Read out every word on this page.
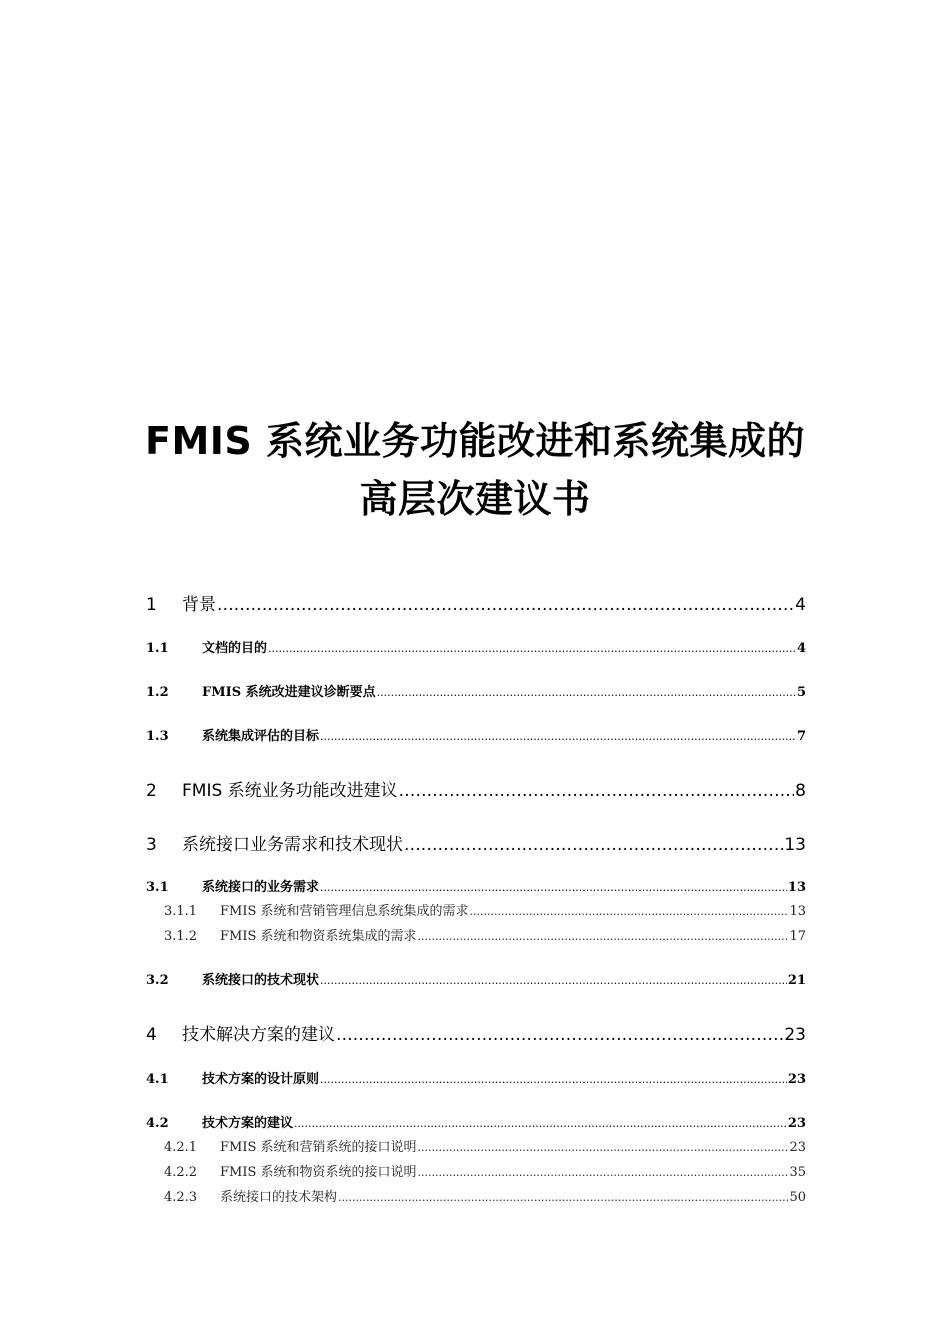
FMIS 系统业务功能改进和系统集成的
高层次建议书
1	背景 .....	4
1.1	文档的目的 .....	4
1.2	FMIS 系统改进建议诊断要点 .....	5
1.3	系统集成评估的目标 .....	7
2	FMIS 系统业务功能改进建议 .....	8
3	系统接口业务需求和技术现状 .....	13
3.1	系统接口的业务需求 .....	13
3.1.1	FMIS 系统和营销管理信息系统集成的需求 .....	13
3.1.2	FMIS 系统和物资系统集成的需求 .....	17
3.2	系统接口的技术现状 .....	21
4	技术解决方案的建议 .....	23
4.1	技术方案的设计原则 .....	23
4.2	技术方案的建议 .....	23
4.2.1	FMIS 系统和营销系统的接口说明 .....	23
4.2.2	FMIS 系统和物资系统的接口说明 .....	35
4.2.3	系统接口的技术架构 .....	50
